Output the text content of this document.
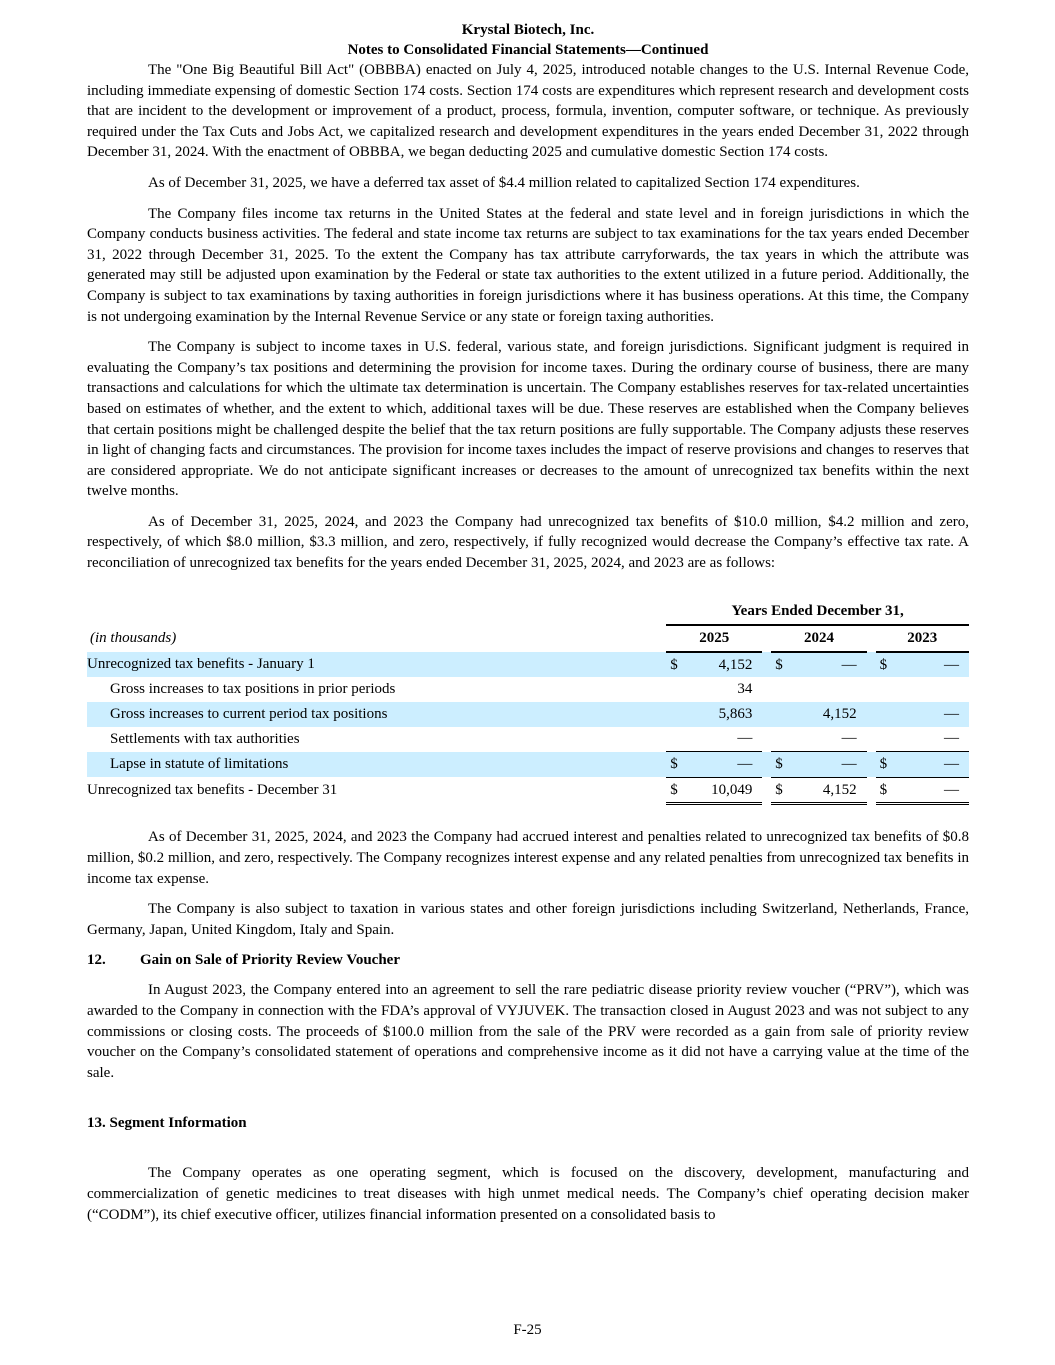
Krystal Biotech, Inc.
Notes to Consolidated Financial Statements—Continued

The "One Big Beautiful Bill Act" (OBBBA) enacted on July 4, 2025, introduced notable changes to the U.S. Internal Revenue Code, including immediate expensing of domestic Section 174 costs. Section 174 costs are expenditures which represent research and development costs that are incident to the development or improvement of a product, process, formula, invention, computer software, or technique. As previously required under the Tax Cuts and Jobs Act, we capitalized research and development expenditures in the years ended December 31, 2022 through December 31, 2024. With the enactment of OBBBA, we began deducting 2025 and cumulative domestic Section 174 costs.

As of December 31, 2025, we have a deferred tax asset of $4.4 million related to capitalized Section 174 expenditures.

The Company files income tax returns in the United States at the federal and state level and in foreign jurisdictions in which the Company conducts business activities. The federal and state income tax returns are subject to tax examinations for the tax years ended December 31, 2022 through December 31, 2025. To the extent the Company has tax attribute carryforwards, the tax years in which the attribute was generated may still be adjusted upon examination by the Federal or state tax authorities to the extent utilized in a future period. Additionally, the Company is subject to tax examinations by taxing authorities in foreign jurisdictions where it has business operations. At this time, the Company is not undergoing examination by the Internal Revenue Service or any state or foreign taxing authorities.

The Company is subject to income taxes in U.S. federal, various state, and foreign jurisdictions. Significant judgment is required in evaluating the Company’s tax positions and determining the provision for income taxes. During the ordinary course of business, there are many transactions and calculations for which the ultimate tax determination is uncertain. The Company establishes reserves for tax-related uncertainties based on estimates of whether, and the extent to which, additional taxes will be due. These reserves are established when the Company believes that certain positions might be challenged despite the belief that the tax return positions are fully supportable. The Company adjusts these reserves in light of changing facts and circumstances. The provision for income taxes includes the impact of reserve provisions and changes to reserves that are considered appropriate. We do not anticipate significant increases or decreases to the amount of unrecognized tax benefits within the next twelve months.

As of December 31, 2025, 2024, and 2023 the Company had unrecognized tax benefits of $10.0 million, $4.2 million and zero, respectively, of which $8.0 million, $3.3 million, and zero, respectively, if fully recognized would decrease the Company’s effective tax rate. A reconciliation of unrecognized tax benefits for the years ended December 31, 2025, 2024, and 2023 are as follows:

		Years Ended December 31,							
(in thousands)		2025			2024			2023	
Unrecognized tax benefits - January 1		$	4,152		$	—		$	—
Gross increases to tax positions in prior periods			34						
Gross increases to current period tax positions			5,863			4,152			—
Settlements with tax authorities			—			—			—
Lapse in statute of limitations		$	—		$	—		$	—
Unrecognized tax benefits - December 31		$	10,049		$	4,152		$	—

As of December 31, 2025, 2024, and 2023 the Company had accrued interest and penalties related to unrecognized tax benefits of $0.8 million, $0.2 million, and zero, respectively. The Company recognizes interest expense and any related penalties from unrecognized tax benefits in income tax expense.

The Company is also subject to taxation in various states and other foreign jurisdictions including Switzerland, Netherlands, France, Germany, Japan, United Kingdom, Italy and Spain.

12. Gain on Sale of Priority Review Voucher

In August 2023, the Company entered into an agreement to sell the rare pediatric disease priority review voucher (“PRV”), which was awarded to the Company in connection with the FDA’s approval of VYJUVEK. The transaction closed in August 2023 and was not subject to any commissions or closing costs. The proceeds of $100.0 million from the sale of the PRV were recorded as a gain from sale of priority review voucher on the Company’s consolidated statement of operations and comprehensive income as it did not have a carrying value at the time of the sale.

13. Segment Information

The Company operates as one operating segment, which is focused on the discovery, development, manufacturing and commercialization of genetic medicines to treat diseases with high unmet medical needs. The Company’s chief operating decision maker (“CODM”), its chief executive officer, utilizes financial information presented on a consolidated basis to

F-25
